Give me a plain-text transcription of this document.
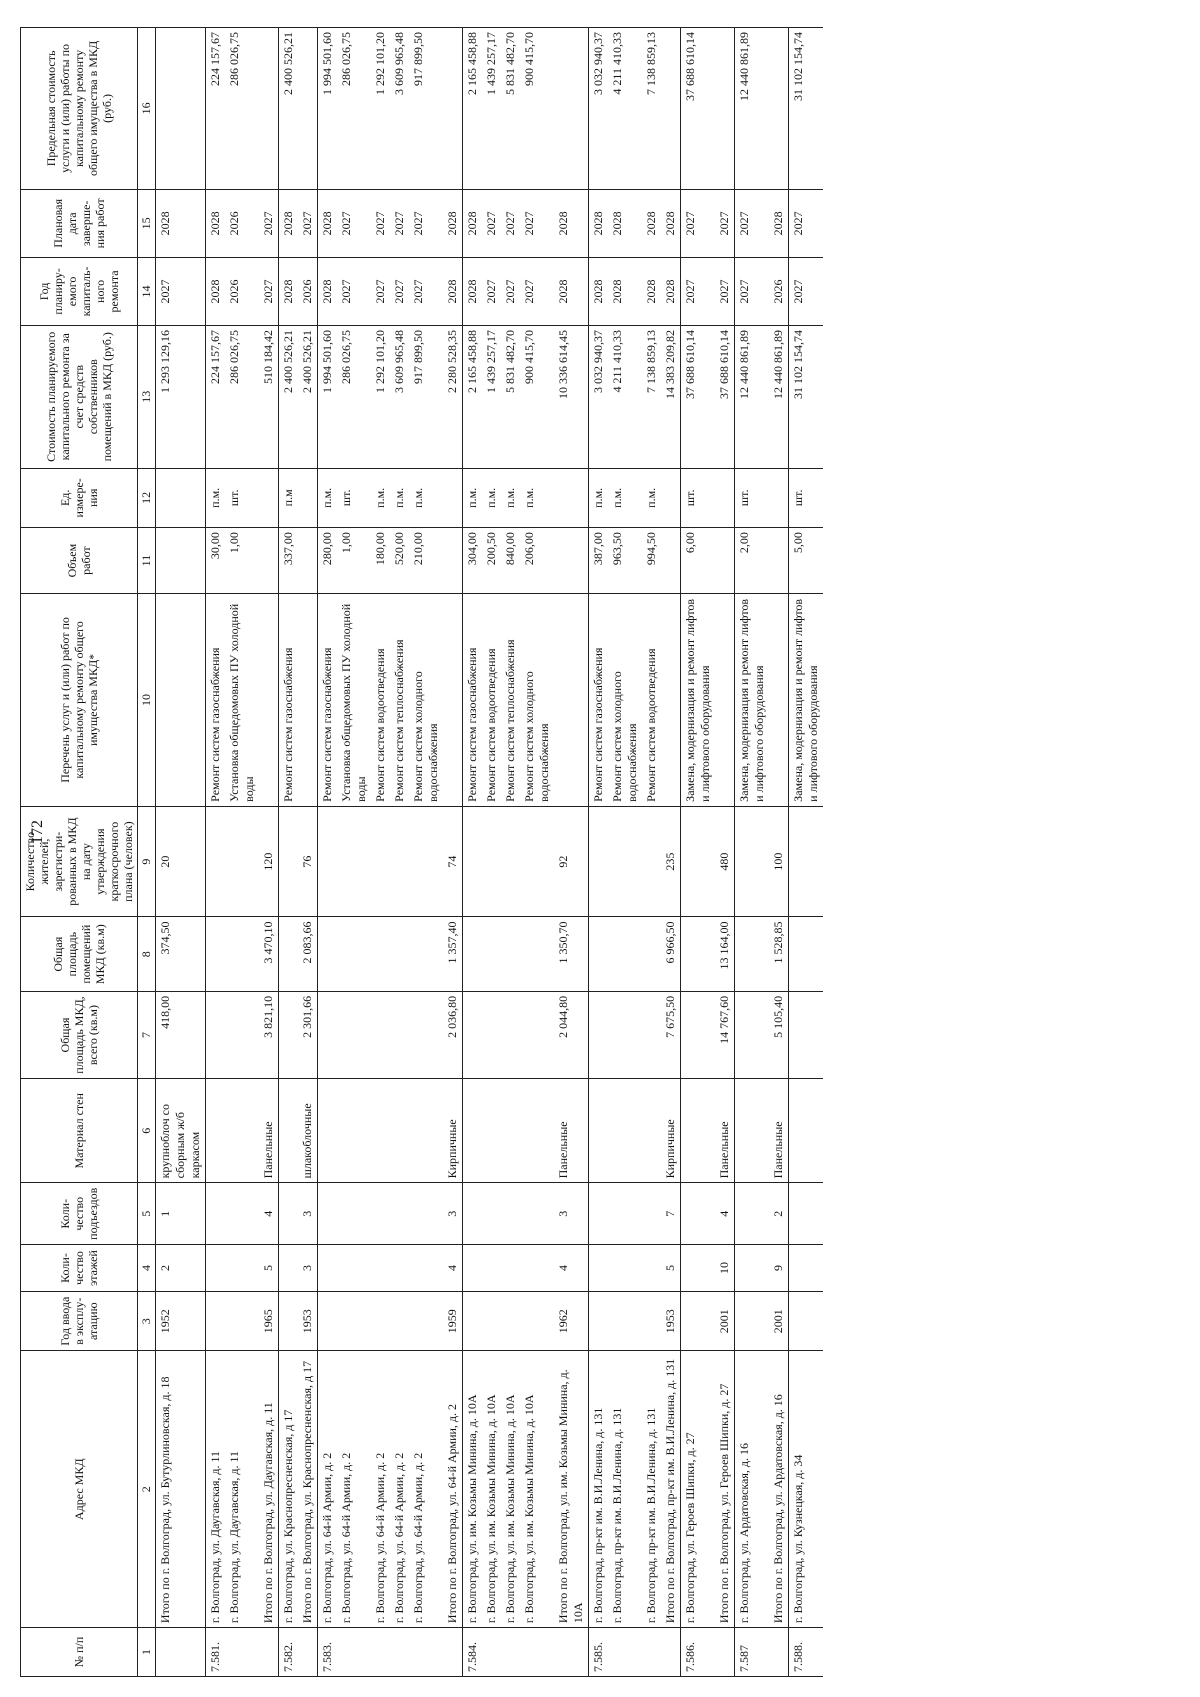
172
№ п/п	Адрес МКД	Год ввода в эксплу-атацию	Коли-чество этажей	Коли-чество подъездов	Материал стен	Общая площадь МКД, всего (кв.м)	Общая площадь помещений МКД (кв.м)	Количество жителей, зарегистри-рованных в МКД на дату утверждения краткосрочного плана (человек)	Перечень услуг и (или) работ по капитальному ремонту общего имущества МКД*	Объем работ	Ед. измере-ния	Стоимость планируемого капитального ремонта за счет средств собственников помещений в МКД (руб.)	Год планиру-емого капиталь-ного ремонта	Плановая дата заверше-ния работ	Предельная стоимость услуги и (или) работы по капитальному ремонту общего имущества в МКД (руб.)
1	2	3	4	5	6	7	8	9	10	11	12	13	14	15	16
	Итого по г. Волгоград, ул. Бутурлиновская, д. 18	1952	2	1	крупноблоч со сборным ж/б каркасом	418,00	374,50	20				1 293 129,16	2027	2028	
7.581.	г. Волгоград, ул. Даугавская, д. 11								Ремонт систем газоснабжения	30,00	п.м.	224 157,67	2028	2028	224 157,67
	г. Волгоград, ул. Даугавская, д. 11								Установка общедомовых ПУ холодной воды	1,00	шт.	286 026,75	2026	2026	286 026,75
	Итого по г. Волгоград, ул. Даугавская, д. 11	1965	5	4	Панельные	3 821,10	3 470,10	120				510 184,42	2027	2027	
7.582.	г. Волгоград, ул. Краснопресненская, д 17								Ремонт систем газоснабжения	337,00	п.м	2 400 526,21	2028	2028	2 400 526,21
	Итого по г. Волгоград, ул. Краснопресненская, д 17	1953	3	3	шлакоблочные	2 301,66	2 083,66	76				2 400 526,21	2026	2027	
7.583.	г. Волгоград, ул. 64-й Армии, д. 2								Ремонт систем газоснабжения	280,00	п.м.	1 994 501,60	2028	2028	1 994 501,60
	г. Волгоград, ул. 64-й Армии, д. 2								Установка общедомовых ПУ холодной воды	1,00	шт.	286 026,75	2027	2027	286 026,75
	г. Волгоград, ул. 64-й Армии, д. 2								Ремонт систем водоотведения	180,00	п.м.	1 292 101,20	2027	2027	1 292 101,20
	г. Волгоград, ул. 64-й Армии, д. 2								Ремонт систем теплоснабжения	520,00	п.м.	3 609 965,48	2027	2027	3 609 965,48
	г. Волгоград, ул. 64-й Армии, д. 2								Ремонт систем холодного водоснабжения	210,00	п.м.	917 899,50	2027	2027	917 899,50
	Итого по г. Волгоград, ул. 64-й Армии, д. 2	1959	4	3	Кирпичные	2 036,80	1 357,40	74				2 280 528,35	2028	2028	
7.584.	г. Волгоград, ул. им. Козьмы Минина, д. 10А								Ремонт систем газоснабжения	304,00	п.м.	2 165 458,88	2028	2028	2 165 458,88
	г. Волгоград, ул. им. Козьмы Минина, д. 10А								Ремонт систем водоотведения	200,50	п.м.	1 439 257,17	2027	2027	1 439 257,17
	г. Волгоград, ул. им. Козьмы Минина, д. 10А								Ремонт систем теплоснабжения	840,00	п.м.	5 831 482,70	2027	2027	5 831 482,70
	г. Волгоград, ул. им. Козьмы Минина, д. 10А								Ремонт систем холодного водоснабжения	206,00	п.м.	900 415,70	2027	2027	900 415,70
	Итого по г. Волгоград, ул. им. Козьмы Минина, д. 10А	1962	4	3	Панельные	2 044,80	1 350,70	92				10 336 614,45	2028	2028	
7.585.	г. Волгоград, пр-кт им. В.И.Ленина, д. 131								Ремонт систем газоснабжения	387,00	п.м.	3 032 940,37	2028	2028	3 032 940,37
	г. Волгоград, пр-кт им. В.И.Ленина, д. 131								Ремонт систем холодного водоснабжения	963,50	п.м.	4 211 410,33	2028	2028	4 211 410,33
	г. Волгоград, пр-кт им. В.И.Ленина, д. 131								Ремонт систем водоотведения	994,50	п.м.	7 138 859,13	2028	2028	7 138 859,13
	Итого по г. Волгоград, пр-кт им. В.И.Ленина, д. 131	1953	5	7	Кирпичные	7 675,50	6 966,50	235				14 383 209,82	2028	2028	
7.586.	г. Волгоград, ул. Героев Шипки, д. 27								Замена, модернизация и ремонт лифтов и лифтового оборудования	6,00	шт.	37 688 610,14	2027	2027	37 688 610,14
	Итого по г. Волгоград, ул. Героев Шипки, д. 27	2001	10	4	Панельные	14 767,60	13 164,00	480				37 688 610,14	2027	2027	
7.587	г. Волгоград, ул. Ардатовская, д. 16								Замена, модернизация и ремонт лифтов и лифтового оборудования	2,00	шт.	12 440 861,89	2027	2027	12 440 861,89
	Итого по г. Волгоград, ул. Ардатовская, д. 16	2001	9	2	Панельные	5 105,40	1 528,85	100				12 440 861,89	2026	2028	
7.588.	г. Волгоград, ул. Кузнецкая, д. 34								Замена, модернизация и ремонт лифтов и лифтового оборудования	5,00	шт.	31 102 154,74	2027	2027	31 102 154,74
